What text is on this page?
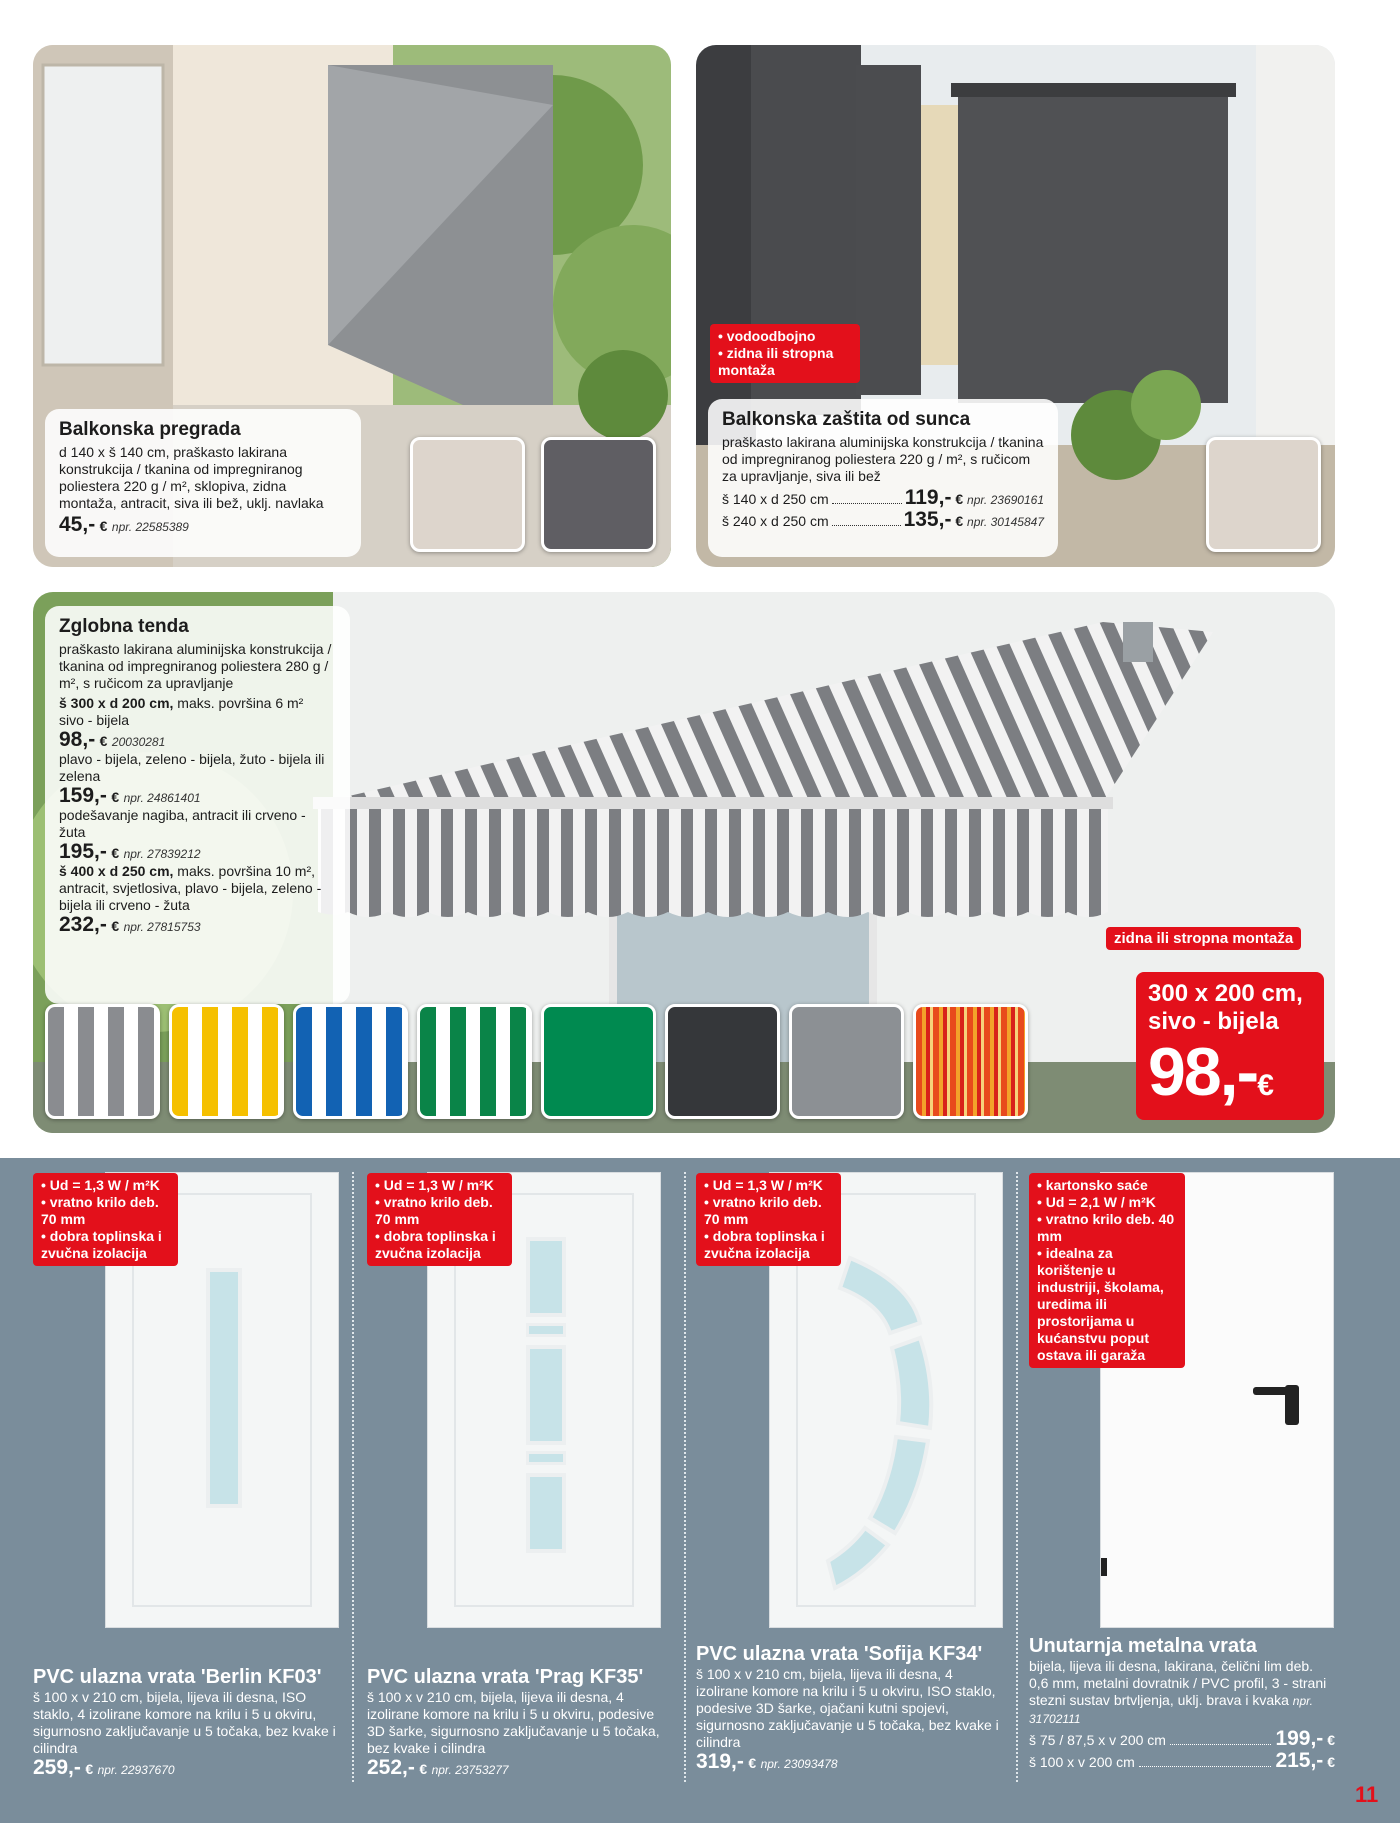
Balkonska pregrada

d 140 x š 140 cm, praškasto lakirana konstrukcija / tkanina od impregniranog poliestera 220 g / m², sklopiva, zidna montaža, antracit, siva ili bež, uklj. navlaka

45,- € npr. 22585389
• vodoodbojno
• zidna ili stropna montaža
Balkonska zaštita od sunca

praškasto lakirana aluminijska konstrukcija / tkanina od impregniranog poliestera 220 g / m², s ručicom za upravljanje, siva ili bež

š 140 x d 250 cm	119,-
€
npr. 23690161
š 240 x d 250 cm	135,-
€
npr. 30145847
Zglobna tenda

praškasto lakirana aluminijska konstrukcija / tkanina od impregniranog poliestera 280 g / m², s ručicom za upravljanje

š 300 x d 200 cm, maks. površina 6 m²

sivo - bijela

98,- € 20030281

plavo - bijela, zeleno - bijela, žuto - bijela ili zelena

159,- € npr. 24861401

podešavanje nagiba, antracit ili crveno - žuta

195,- € npr. 27839212

š 400 x d 250 cm, maks. površina 10 m², antracit, svjetlosiva, plavo - bijela, zeleno - bijela ili crveno - žuta

232,- € npr. 27815753
zidna ili stropna montaža
300 x 200 cm,
sivo - bijela
98,- €
• Ud = 1,3 W / m²K
• vratno krilo deb. 70 mm
• dobra toplinska i zvučna izolacija
PVC ulazna vrata 'Berlin KF03'

š 100 x v 210 cm, bijela, lijeva ili desna, ISO staklo, 4 izolirane komore na krilu i 5 u okviru, sigurnosno zaključavanje u 5 točaka, bez kvake i cilindra

259,- € npr. 22937670
• Ud = 1,3 W / m²K
• vratno krilo deb. 70 mm
• dobra toplinska i zvučna izolacija
PVC ulazna vrata 'Prag KF35'

š 100 x v 210 cm, bijela, lijeva ili desna, 4 izolirane komore na krilu i 5 u okviru, podesive 3D šarke, sigurnosno zaključavanje u 5 točaka, bez kvake i cilindra

252,- € npr. 23753277
• Ud = 1,3 W / m²K
• vratno krilo deb. 70 mm
• dobra toplinska i zvučna izolacija
PVC ulazna vrata 'Sofija KF34'

š 100 x v 210 cm, bijela, lijeva ili desna, 4 izolirane komore na krilu i 5 u okviru, ISO staklo, podesive 3D šarke, ojačani kutni spojevi, sigurnosno zaključavanje u 5 točaka, bez kvake i cilindra

319,- € npr. 23093478
• kartonsko saće
• Ud = 2,1 W / m²K
• vratno krilo deb. 40 mm
• idealna za korištenje u industriji, školama, uredima ili prostorijama u kućanstvu poput ostava ili garaža
Unutarnja metalna vrata

bijela, lijeva ili desna, lakirana, čelični lim deb. 0,6 mm, metalni dovratnik / PVC profil, 3 - strani stezni sustav brtvljenja, uklj. brava i kvaka npr. 31702111

š 75 / 87,5 x v 200 cm	199,-
€
š 100 x v 200 cm	215,-
€
11
